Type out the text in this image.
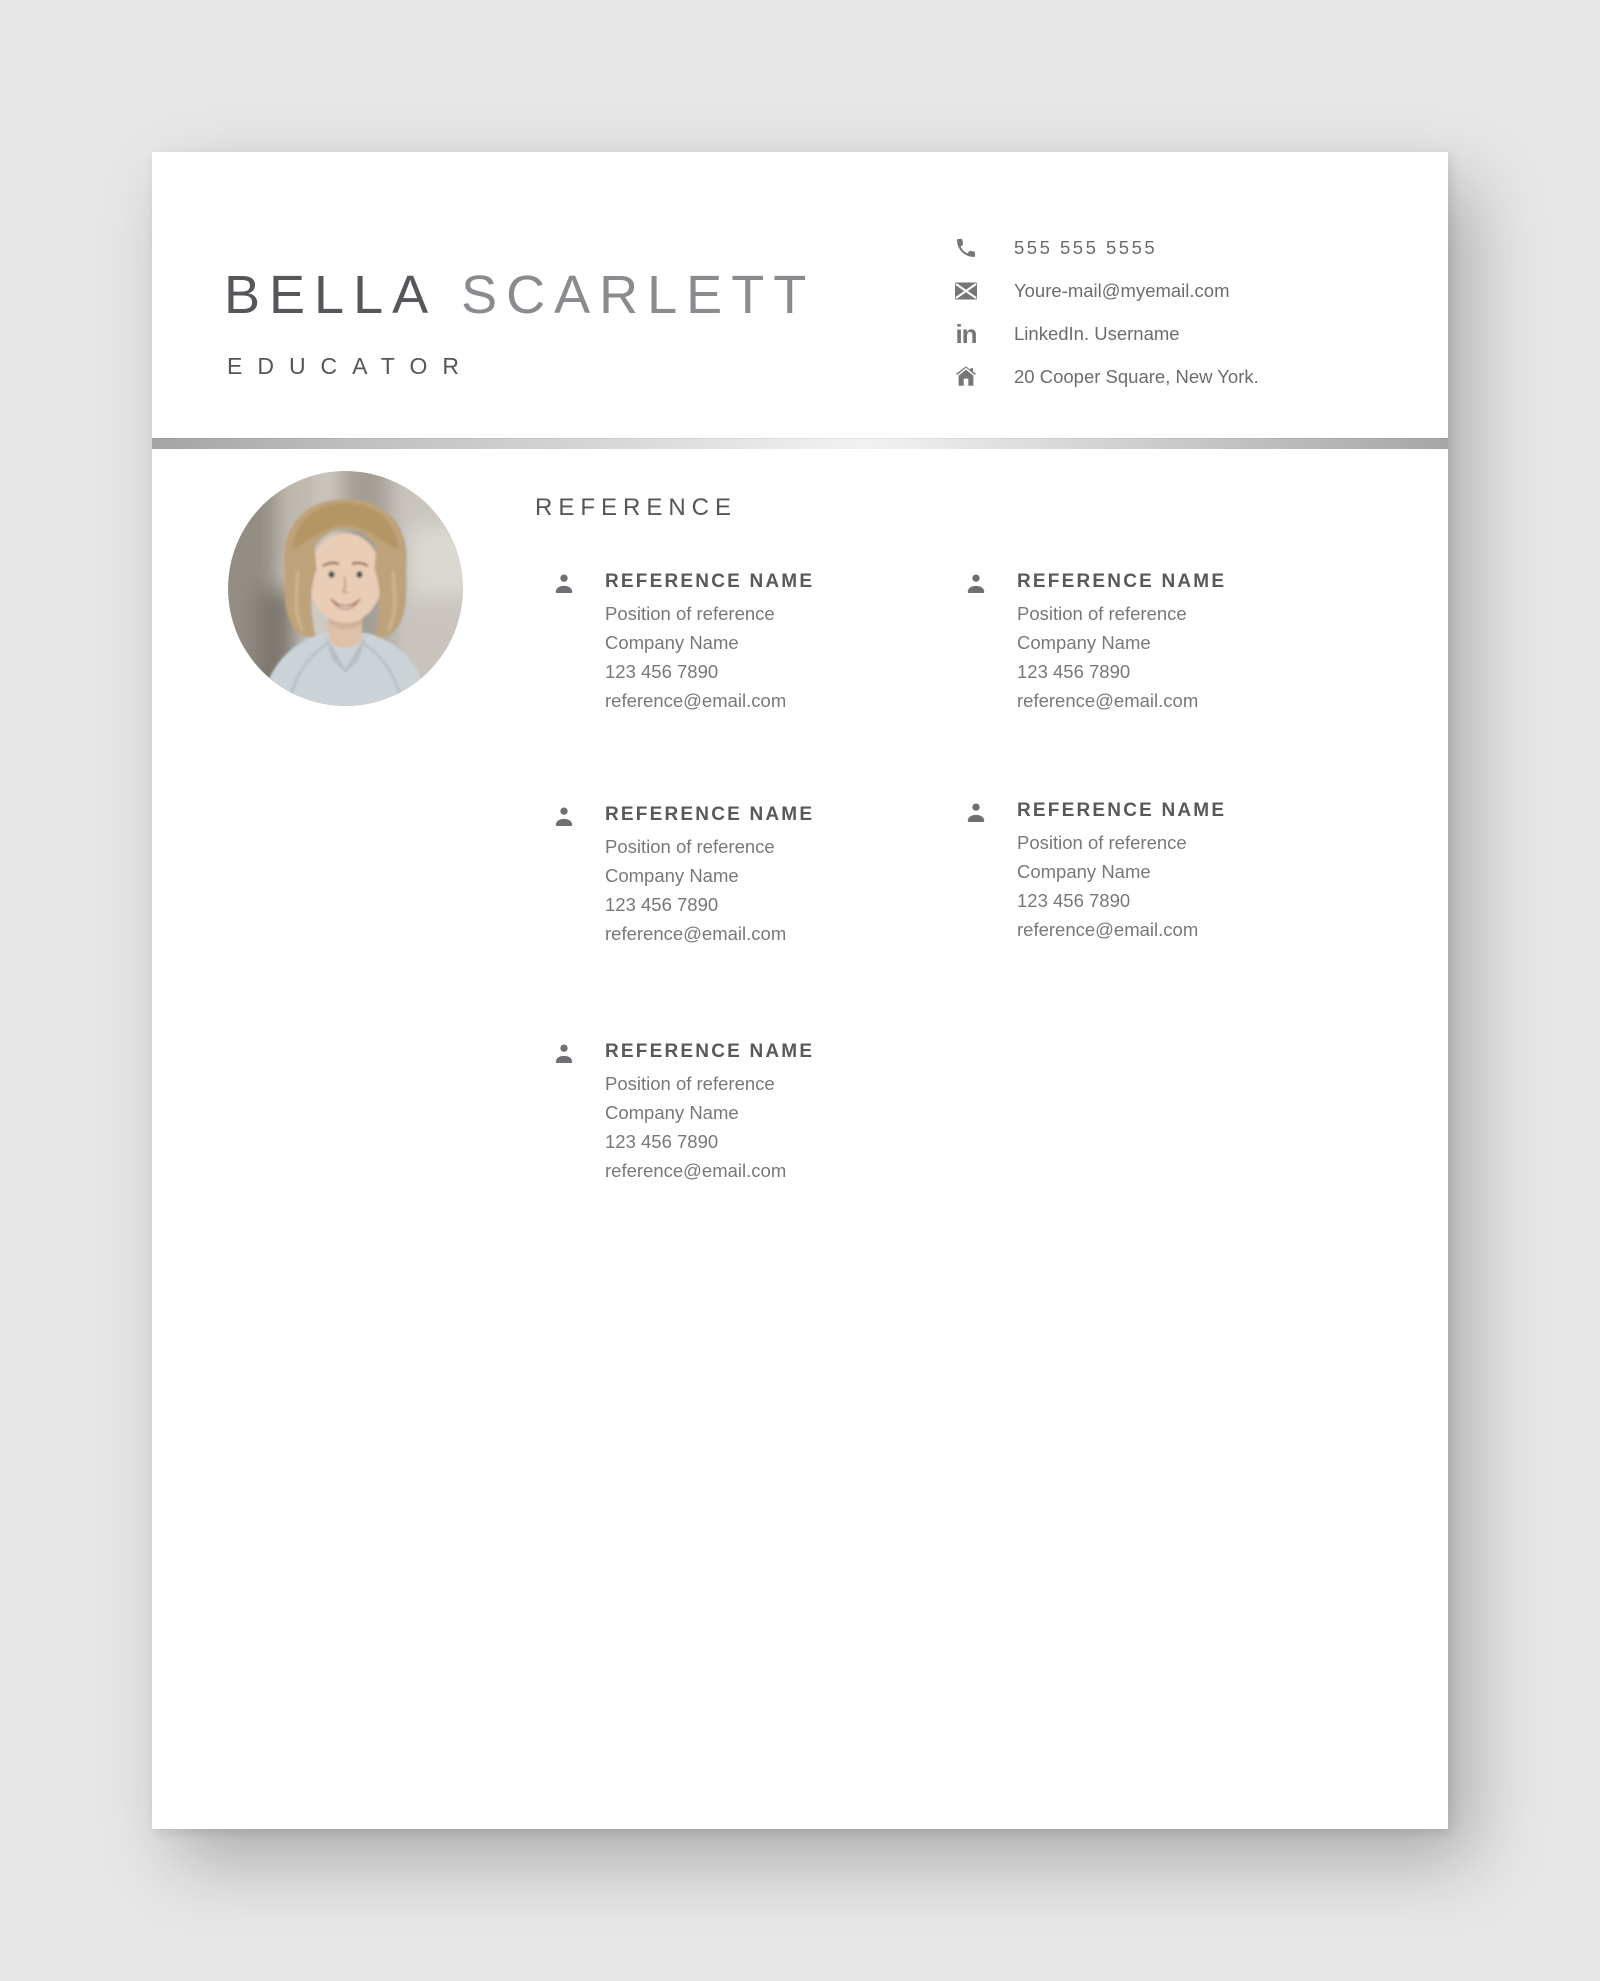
BELLA SCARLETT
EDUCATOR
555 555 5555
Youre-mail@myemail.com
in LinkedIn. Username
20 Cooper Square, New York.
REFERENCE
REFERENCE NAME
Position of reference
Company Name
123 456 7890
reference@email.com
REFERENCE NAME
Position of reference
Company Name
123 456 7890
reference@email.com
REFERENCE NAME
Position of reference
Company Name
123 456 7890
reference@email.com
REFERENCE NAME
Position of reference
Company Name
123 456 7890
reference@email.com
REFERENCE NAME
Position of reference
Company Name
123 456 7890
reference@email.com
